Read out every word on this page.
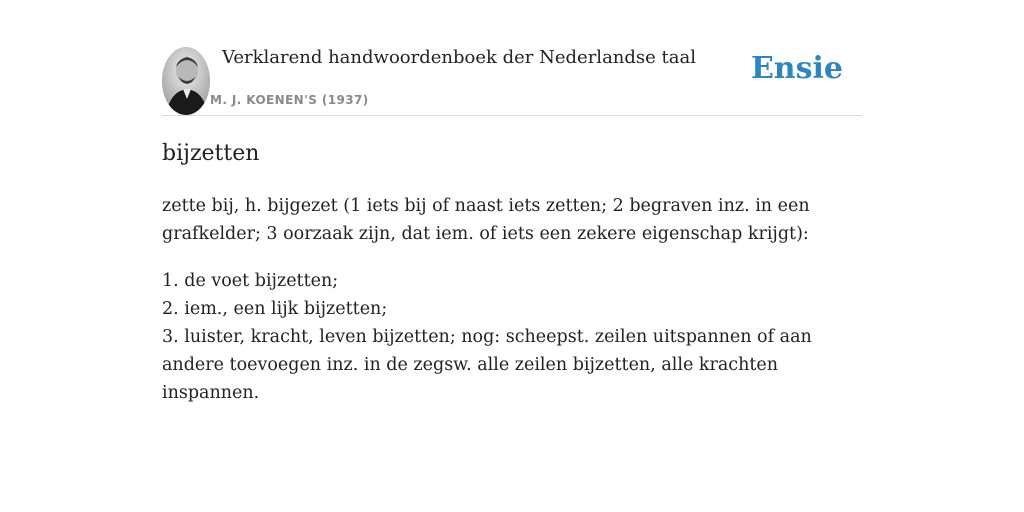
Verklarend handwoordenboek der Nederlandse taal
M. J. KOENEN'S (1937)
Ensie
bijzetten

zette bij, h. bijgezet (1 iets bij of naast iets zetten; 2 begraven inz. in een grafkelder; 3 oorzaak zijn, dat iem. of iets een zekere eigenschap krijgt):

1. de voet bijzetten;

2. iem., een lijk bijzetten;

3. luister, kracht, leven bijzetten; nog: scheepst. zeilen uitspannen of aan andere toevoegen inz. in de zegsw. alle zeilen bijzetten, alle krachten inspannen.
